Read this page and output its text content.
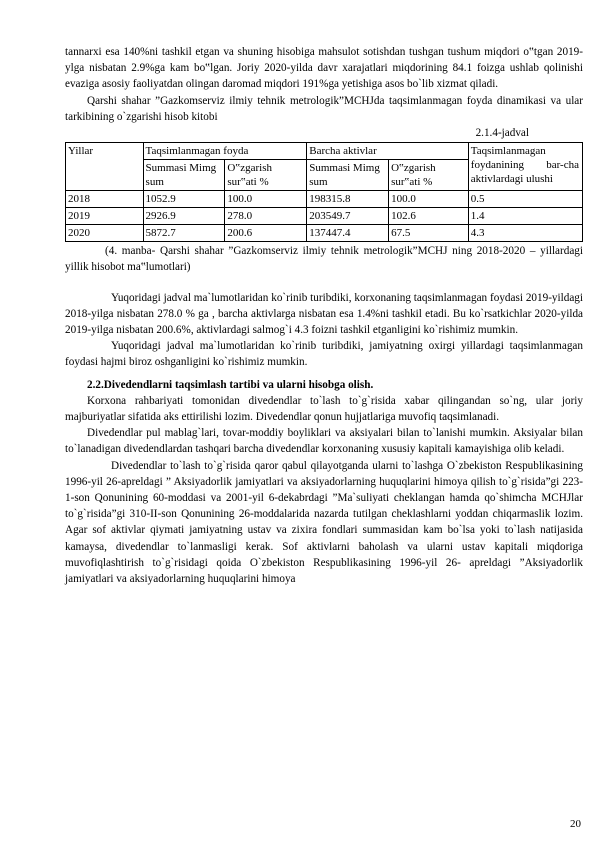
tannarxi esa 140%ni tashkil etgan va shuning hisobiga mahsulot sotishdan tushgan tushum miqdori o‟tgan 2019-ylga nisbatan 2.9%ga kam bo‟lgan. Joriy 2020-yilda davr xarajatlari miqdorining 84.1 foizga ushlab qolinishi evaziga asosiy faoliyatdan olingan daromad miqdori 191%ga yetishiga asos bo`lib xizmat qiladi.

Qarshi shahar ”Gazkomserviz ilmiy tehnik metrologik”MCHJda taqsimlanmagan foyda dinamikasi va ular tarkibining o`zgarishi hisob kitobi

2.1.4-jadval

Yillar	Taqsimlanmagan foyda		Barcha aktivlar		Taqsimlanmagan foydanining bar-cha aktivlardagi ulushi
	Summasi Mimg sum	O‟zgarish sur‟ati %	Summasi Mimg sum	O‟zgarish sur‟ati %	
2018	1052.9	100.0	198315.8	100.0	0.5
2019	2926.9	278.0	203549.7	102.6	1.4
2020	5872.7	200.6	137447.4	67.5	4.3

(4. manba- Qarshi shahar ”Gazkomserviz ilmiy tehnik metrologik”MCHJ ning 2018-2020 – yillardagi yillik hisobot ma‟lumotlari)

Yuqoridagi jadval ma`lumotlaridan ko`rinib turibdiki, korxonaning taqsimlanmagan foydasi 2019-yildagi 2018-yilga nisbatan 278.0 % ga , barcha aktivlarga nisbatan esa 1.4%ni tashkil etadi. Bu ko`rsatkichlar 2020-yilda 2019-yilga nisbatan 200.6%, aktivlardagi salmog`i 4.3 foizni tashkil etganligini ko`rishimiz mumkin.

Yuqoridagi jadval ma`lumotlaridan ko`rinib turibdiki, jamiyatning oxirgi yillardagi taqsimlanmagan foydasi hajmi biroz oshganligini ko`rishimiz mumkin.

2.2.Divedendlarni taqsimlash tartibi va ularni hisobga olish.

Korxona rahbariyati tomonidan divedendlar to`lash to`g`risida xabar qilingandan so`ng, ular joriy majburiyatlar sifatida aks ettirilishi lozim. Divedendlar qonun hujjatlariga muvofiq taqsimlanadi.

Divedendlar pul mablag`lari, tovar-moddiy boyliklari va aksiyalari bilan to`lanishi mumkin. Aksiyalar bilan to`lanadigan divedendlardan tashqari barcha divedendlar korxonaning xususiy kapitali kamayishiga olib keladi.

Divedendlar to`lash to`g`risida qaror qabul qilayotganda ularni to`lashga O`zbekiston Respublikasining 1996-yil 26-apreldagi ” Aksiyadorlik jamiyatlari va aksiyadorlarning huquqlarini himoya qilish to`g`risida”gi 223-1-son Qonunining 60-moddasi va 2001-yil 6-dekabrdagi ”Ma`suliyati cheklangan hamda qo`shimcha MCHJlar to`g`risida”gi 310-II-son Qonunining 26-moddalarida nazarda tutilgan cheklashlarni yoddan chiqarmaslik lozim. Agar sof aktivlar qiymati jamiyatning ustav va zixira fondlari summasidan kam bo`lsa yoki to`lash natijasida kamaysa, divedendlar to`lanmasligi kerak. Sof aktivlarni baholash va ularni ustav kapitali miqdoriga muvofiqlashtirish to`g`risidagi qoida O`zbekiston Respublikasining 1996-yil 26- apreldagi ”Aksiyadorlik jamiyatlari va aksiyadorlarning huquqlarini himoya

20
